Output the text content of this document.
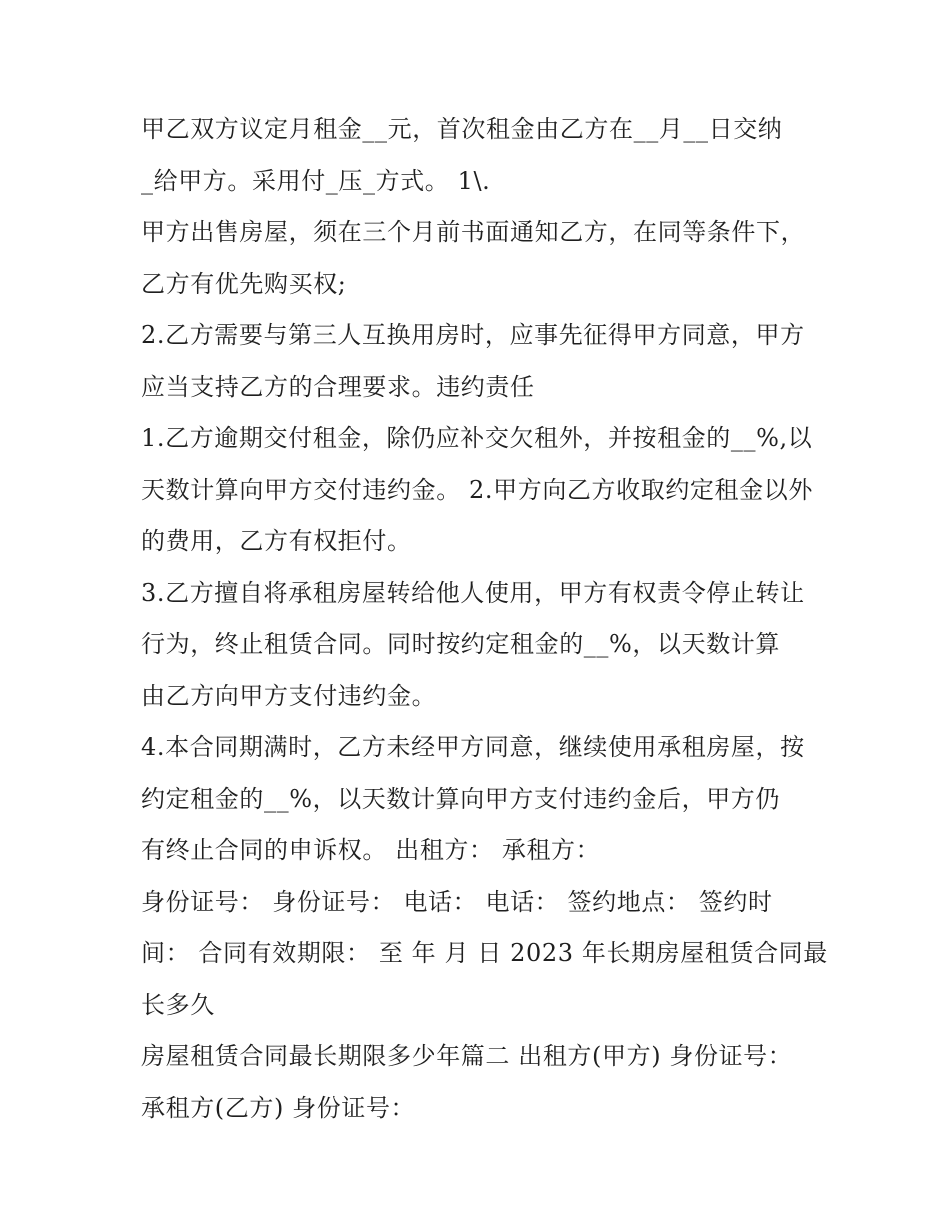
甲乙双方议定月租金__元，首次租金由乙方在__月__日交纳
_给甲方。采用付_压_方式。 1\.
甲方出售房屋，须在三个月前书面通知乙方，在同等条件下，
乙方有优先购买权;
2.乙方需要与第三人互换用房时，应事先征得甲方同意，甲方
应当支持乙方的合理要求。违约责任
1.乙方逾期交付租金，除仍应补交欠租外，并按租金的__%,以
天数计算向甲方交付违约金。 2.甲方向乙方收取约定租金以外
的费用，乙方有权拒付。
3.乙方擅自将承租房屋转给他人使用，甲方有权责令停止转让
行为，终止租赁合同。同时按约定租金的__%，以天数计算
由乙方向甲方支付违约金。
4.本合同期满时，乙方未经甲方同意，继续使用承租房屋，按
约定租金的__%，以天数计算向甲方支付违约金后，甲方仍
有终止合同的申诉权。 出租方： 承租方：
身份证号： 身份证号： 电话： 电话： 签约地点： 签约时
间： 合同有效期限： 至 年 月 日 2023 年长期房屋租赁合同最
长多久
房屋租赁合同最长期限多少年篇二 出租方(甲方) 身份证号：
承租方(乙方) 身份证号：
